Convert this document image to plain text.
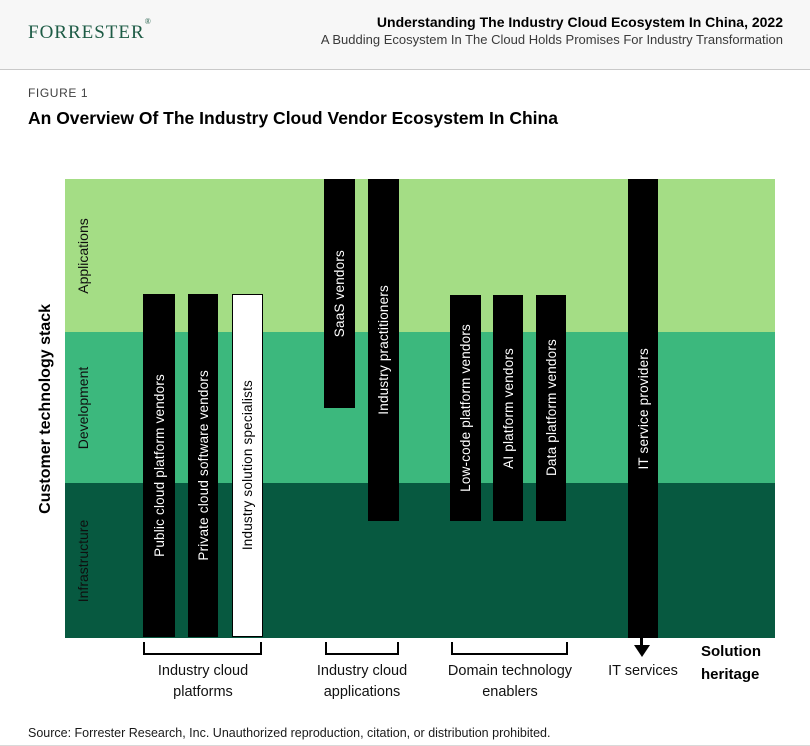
forrester®	Understanding The Industry Cloud Ecosystem In China, 2022
A Budding Ecosystem In The Cloud Holds Promises For Industry Transformation
FIGURE 1
An Overview Of The Industry Cloud Vendor Ecosystem In China
Customer technology stack
Applications
Development
Infrastructure
Public cloud platform vendors Private cloud software vendors Industry solution specialists
SaaS vendors Industry practitioners	Low-code platform vendors AI platform vendors Data platform vendors	IT service providers
Industry cloud platforms
Industry cloud applications
Domain technology enablers
IT services
Solution heritage
Source: Forrester Research, Inc. Unauthorized reproduction, citation, or distribution prohibited.
